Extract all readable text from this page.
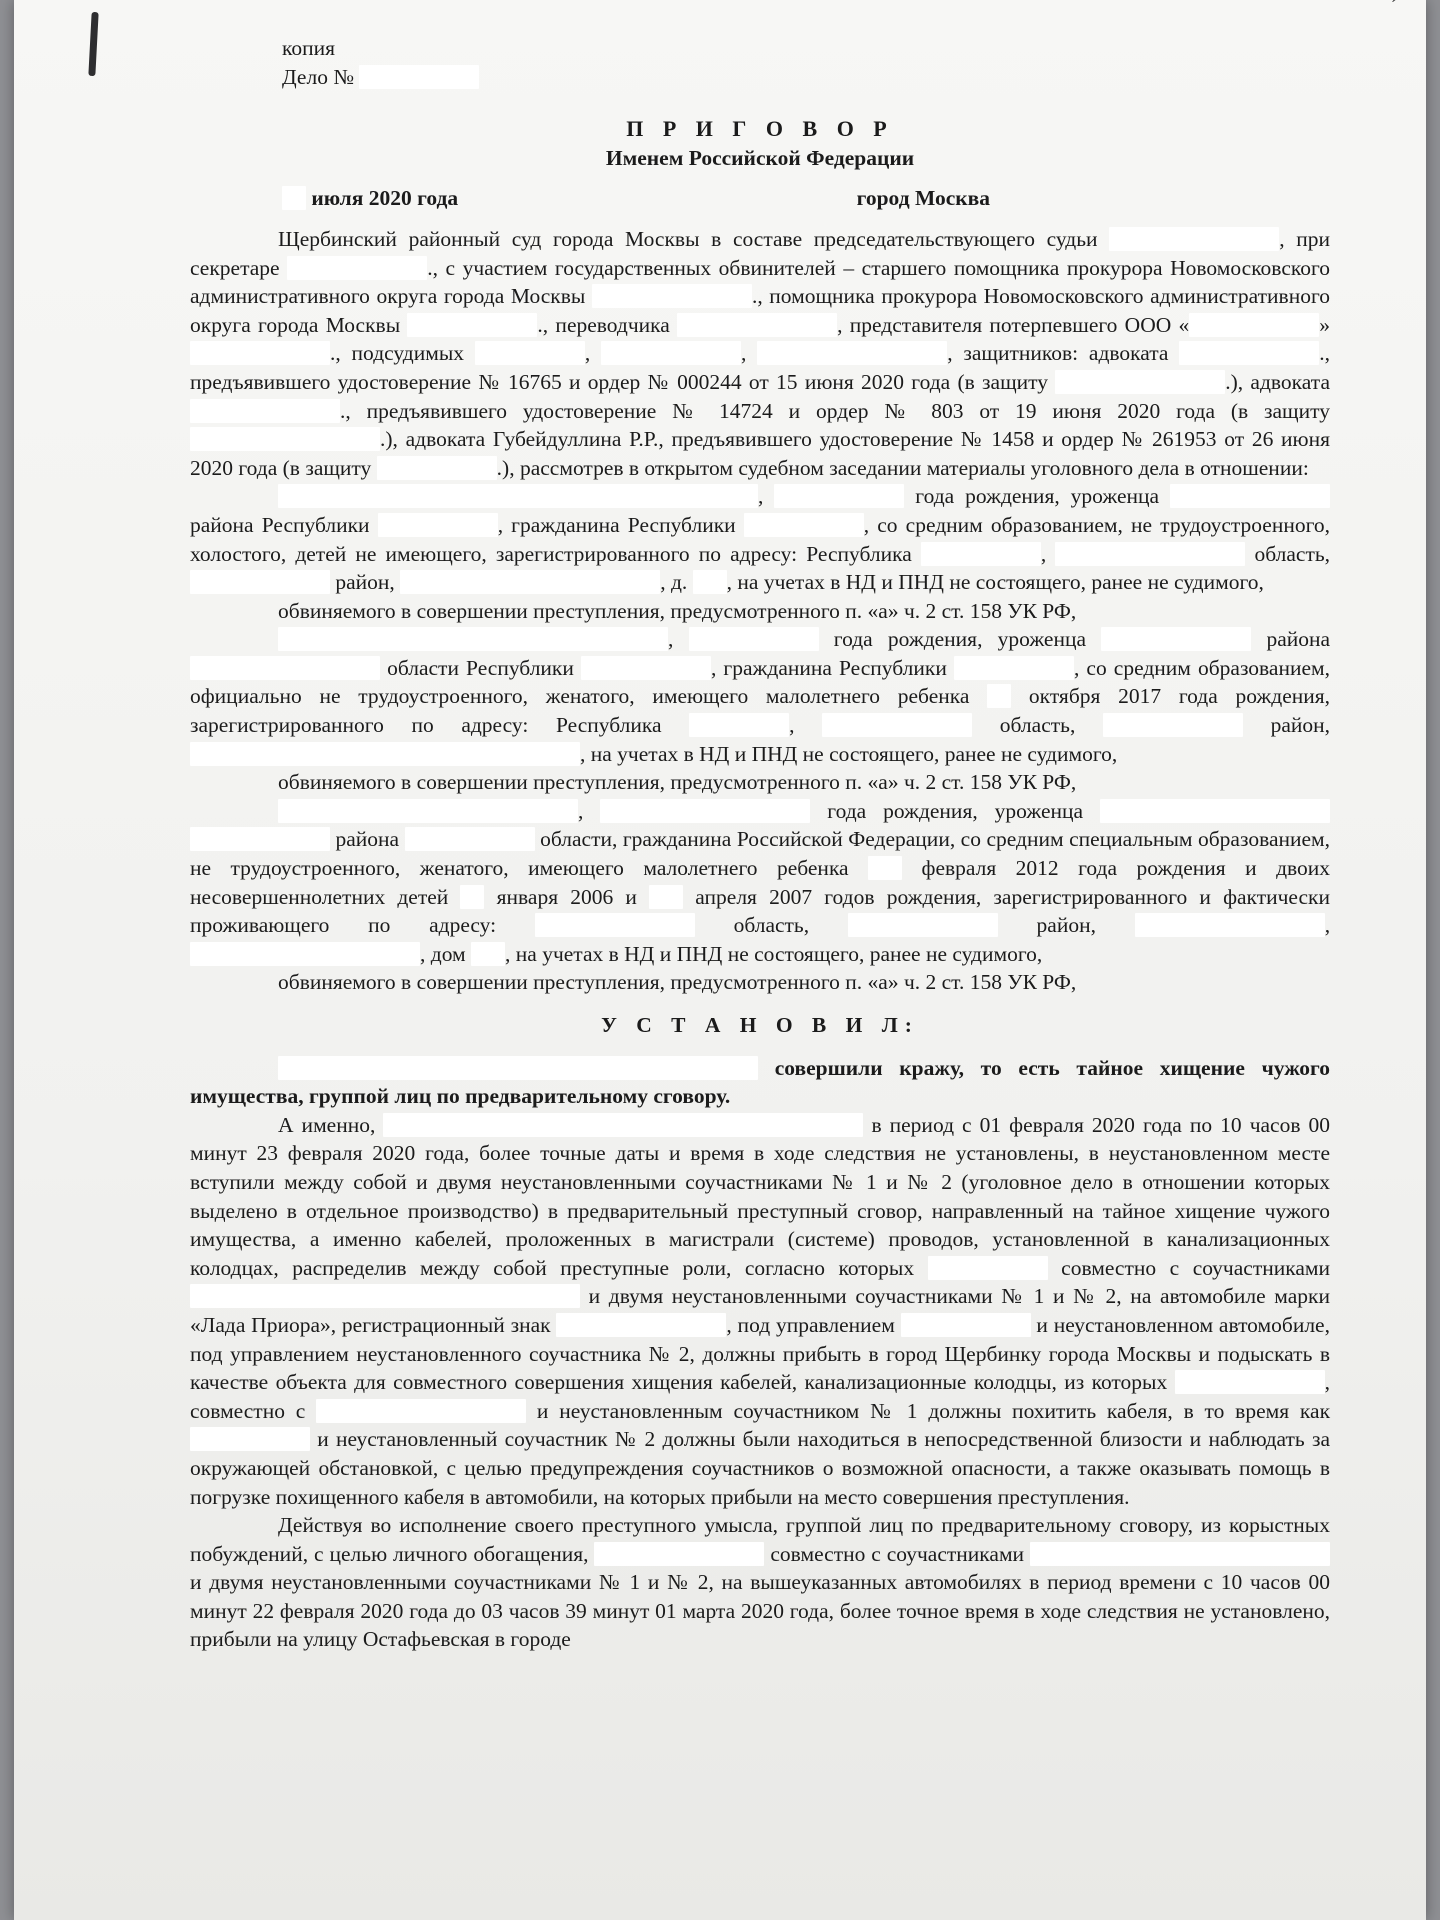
ˊ
копия
Дело №
П Р И Г О В О Р
Именем Российской Федерации
июля 2020 года	город Москва

Щербинский районный суд города Москвы в составе председательствующего судьи	, при секретаре	., с участием государственных обвинителей – старшего помощника прокурора Новомосковского административного округа города Москвы	., помощника прокурора Новомосковского административного округа города Москвы	., переводчика	, представителя потерпевшего ООО «	» ., подсудимых	,	,	, защитников: адвоката	., предъявившего удостоверение № 16765 и ордер № 000244 от 15 июня 2020 года (в защиту	.), адвоката ., предъявившего удостоверение № 14724 и ордер № 803 от 19 июня 2020 года (в защиту .), адвоката Губейдуллина Р.Р., предъявившего удостоверение № 1458 и ордер № 261953 от 26 июня 2020 года (в защиту	.), рассмотрев в открытом судебном заседании материалы уголовного дела в отношении:

,	года рождения, уроженца  района Республики	, гражданина Республики	, со средним образованием, не трудоустроенного, холостого, детей не имеющего, зарегистрированного по адресу: Республика	,	область,  район,	, д. , на учетах в НД и ПНД не состоящего, ранее не судимого,

обвиняемого в совершении преступления, предусмотренного п. «а» ч. 2 ст. 158 УК РФ,

,	года рождения, уроженца	района  области Республики	, гражданина Республики	, со средним образованием, официально не трудоустроенного, женатого, имеющего малолетнего ребенка	октября 2017 года рождения, зарегистрированного по адресу: Республика	,	область,	район, , на учетах в НД и ПНД не состоящего, ранее не судимого,

обвиняемого в совершении преступления, предусмотренного п. «а» ч. 2 ст. 158 УК РФ,

,	года рождения, уроженца   района	области, гражданина Российской Федерации, со средним специальным образованием, не трудоустроенного, женатого, имеющего малолетнего ребенка	февраля 2012 года рождения и двоих несовершеннолетних детей января 2006 и	апреля 2007 годов рождения, зарегистрированного и фактически проживающего по адресу:	область,	район,	, , дом , на учетах в НД и ПНД не состоящего, ранее не судимого,

обвиняемого в совершении преступления, предусмотренного п. «а» ч. 2 ст. 158 УК РФ,

У С Т А Н О В И Л:

совершили кражу, то есть тайное хищение чужого имущества, группой лиц по предварительному сговору.

А именно,	в период с 01 февраля 2020 года по 10 часов 00 минут 23 февраля 2020 года, более точные даты и время в ходе следствия не установлены, в неустановленном месте вступили между собой и двумя неустановленными соучастниками № 1 и № 2 (уголовное дело в отношении которых выделено в отдельное производство) в предварительный преступный сговор, направленный на тайное хищение чужого имущества, а именно кабелей, проложенных в магистрали (системе) проводов, установленной в канализационных колодцах, распределив между собой преступные роли, согласно которых	совместно с соучастниками  и двумя неустановленными соучастниками № 1 и № 2, на автомобиле марки «Лада Приора», регистрационный знак	, под управлением	и неустановленном автомобиле, под управлением неустановленного соучастника № 2, должны прибыть в город Щербинку города Москвы и подыскать в качестве объекта для совместного совершения хищения кабелей, канализационные колодцы, из которых	, совместно с	и неустановленным соучастником № 1 должны похитить кабеля, в то время как  и неустановленный соучастник № 2 должны были находиться в непосредственной близости и наблюдать за окружающей обстановкой, с целью предупреждения соучастников о возможной опасности, а также оказывать помощь в погрузке похищенного кабеля в автомобили, на которых прибыли на место совершения преступления.

Действуя во исполнение своего преступного умысла, группой лиц по предварительному сговору, из корыстных побуждений, с целью личного обогащения,	совместно с соучастниками  и двумя неустановленными соучастниками № 1 и № 2, на вышеуказанных автомобилях в период времени с 10 часов 00 минут 22 февраля 2020 года до 03 часов 39 минут 01 марта 2020 года, более точное время в ходе следствия не установлено, прибыли на улицу Остафьевская в городе
